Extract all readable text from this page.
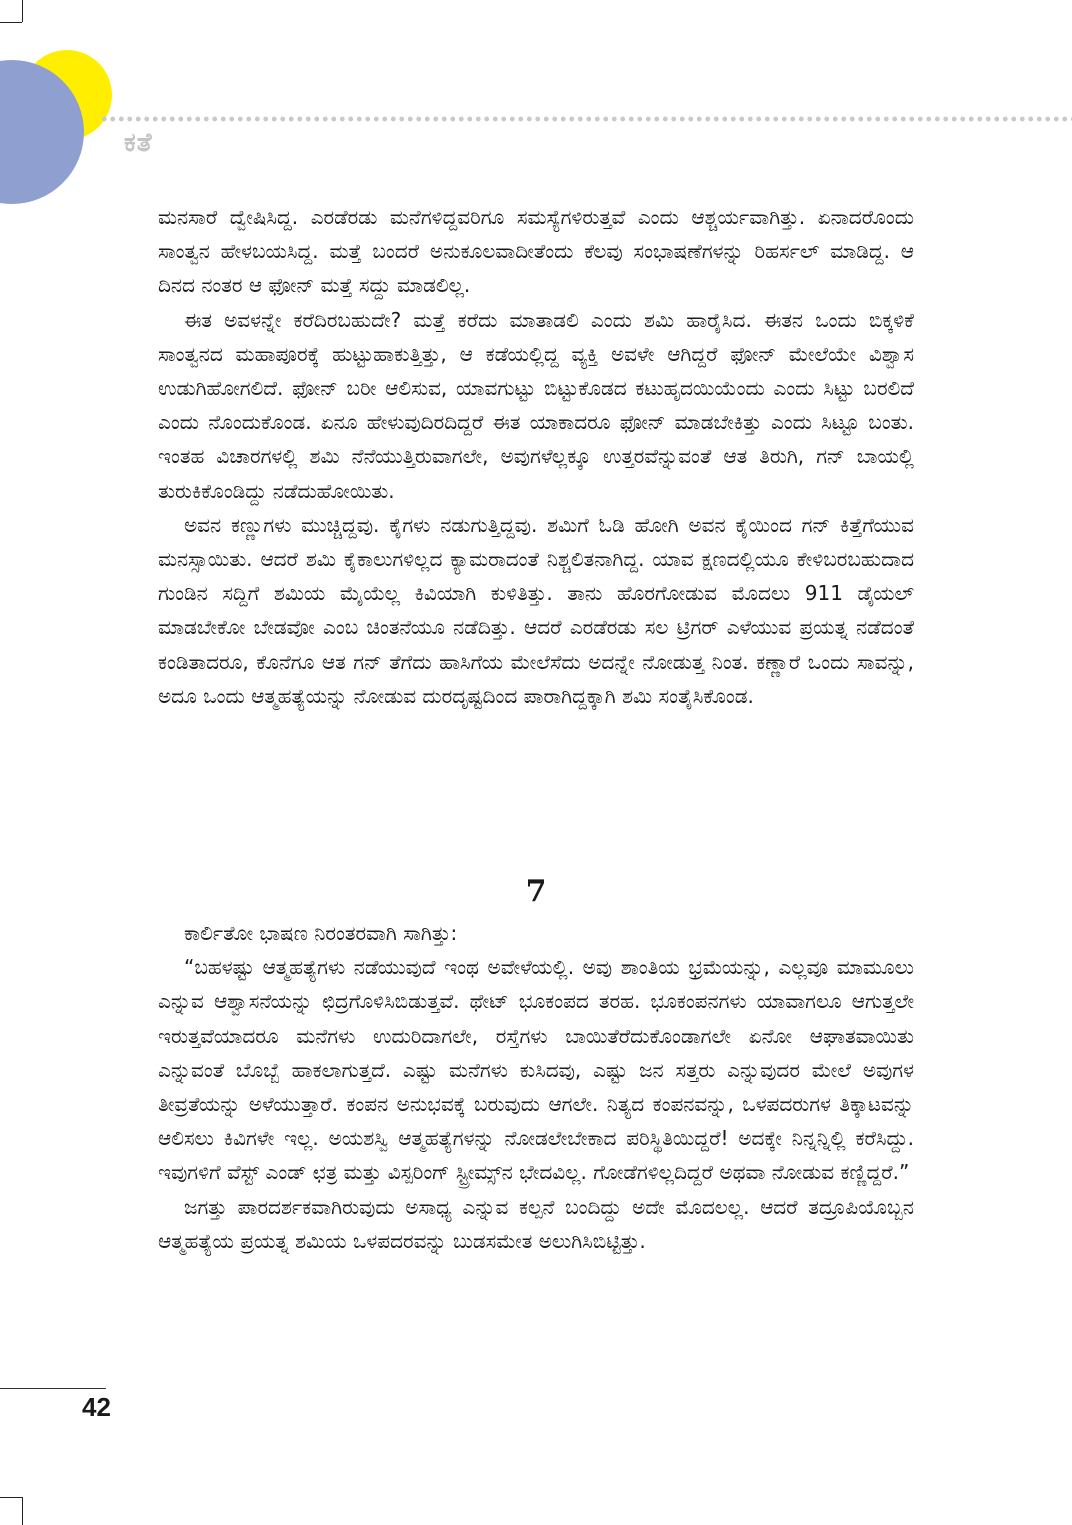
ಕತೆ

ಮನಸಾರೆ ದ್ವೇಷಿಸಿದ್ದ. ಎರಡೆರಡು ಮನೆಗಳಿದ್ದವರಿಗೂ ಸಮಸ್ಯೆಗಳಿರುತ್ತವೆ ಎಂದು ಆಶ್ಚರ್ಯವಾಗಿತ್ತು. ಏನಾದರೊಂದು ಸಾಂತ್ವನ ಹೇಳಬಯಸಿದ್ದ. ಮತ್ತೆ ಬಂದರೆ ಅನುಕೂಲವಾದೀತೆಂದು ಕೆಲವು ಸಂಭಾಷಣೆಗಳನ್ನು ರಿಹರ್ಸಲ್ ಮಾಡಿದ್ದ. ಆ ದಿನದ ನಂತರ ಆ ಫೋನ್ ಮತ್ತೆ ಸದ್ದು ಮಾಡಲಿಲ್ಲ.

ಈತ ಅವಳನ್ನೇ ಕರೆದಿರಬಹುದೇ? ಮತ್ತೆ ಕರೆದು ಮಾತಾಡಲಿ ಎಂದು ಶಮಿ ಹಾರೈಸಿದ. ಈತನ ಒಂದು ಬಿಕ್ಕಳಿಕೆ ಸಾಂತ್ವನದ ಮಹಾಪೂರಕ್ಕೆ ಹುಟ್ಟುಹಾಕುತ್ತಿತ್ತು, ಆ ಕಡೆಯಲ್ಲಿದ್ದ ವ್ಯಕ್ತಿ ಅವಳೇ ಆಗಿದ್ದರೆ ಫೋನ್ ಮೇಲೆಯೇ ವಿಶ್ವಾಸ ಉಡುಗಿಹೋಗಲಿದೆ. ಫೋನ್ ಬರೀ ಆಲಿಸುವ, ಯಾವಗುಟ್ಟು ಬಿಟ್ಟುಕೊಡದ ಕಟುಹೃದಯಿಯೆಂದು ಎಂದು ಸಿಟ್ಟು ಬರಲಿದೆ ಎಂದು ನೊಂದುಕೊಂಡ. ಏನೂ ಹೇಳುವುದಿರದಿದ್ದರೆ ಈತ ಯಾಕಾದರೂ ಫೋನ್ ಮಾಡಬೇಕಿತ್ತು ಎಂದು ಸಿಟ್ಟೂ ಬಂತು. ಇಂತಹ ವಿಚಾರಗಳಲ್ಲಿ ಶಮಿ ನೆನೆಯುತ್ತಿರುವಾಗಲೇ, ಅವುಗಳೆಲ್ಲಕ್ಕೂ ಉತ್ತರವೆನ್ನುವಂತೆ ಆತ ತಿರುಗಿ, ಗನ್ ಬಾಯಲ್ಲಿ ತುರುಕಿಕೊಂಡಿದ್ದು ನಡೆದುಹೋಯಿತು.

ಅವನ ಕಣ್ಣುಗಳು ಮುಚ್ಚಿದ್ದವು. ಕೈಗಳು ನಡುಗುತ್ತಿದ್ದವು. ಶಮಿಗೆ ಓಡಿ ಹೋಗಿ ಅವನ ಕೈಯಿಂದ ಗನ್ ಕಿತ್ತೆಗೆಯುವ ಮನಸ್ಸಾಯಿತು. ಆದರೆ ಶಮಿ ಕೈಕಾಲುಗಳಿಲ್ಲದ ಕ್ಯಾಮರಾದಂತೆ ನಿಶ್ಚಲಿತನಾಗಿದ್ದ. ಯಾವ ಕ್ಷಣದಲ್ಲಿಯೂ ಕೇಳಿಬರಬಹುದಾದ ಗುಂಡಿನ ಸದ್ದಿಗೆ ಶಮಿಯ ಮೈಯೆಲ್ಲ ಕಿವಿಯಾಗಿ ಕುಳಿತಿತ್ತು. ತಾನು ಹೊರಗೋಡುವ ಮೊದಲು 911 ಡೈಯಲ್ ಮಾಡಬೇಕೋ ಬೇಡವೋ ಎಂಬ ಚಿಂತನೆಯೂ ನಡೆದಿತ್ತು. ಆದರೆ ಎರಡೆರಡು ಸಲ ಟ್ರಿಗರ್ ಎಳೆಯುವ ಪ್ರಯತ್ನ ನಡೆದಂತೆ ಕಂಡಿತಾದರೂ, ಕೊನೆಗೂ ಆತ ಗನ್ ತೆಗೆದು ಹಾಸಿಗೆಯ ಮೇಲೆಸೆದು ಅದನ್ನೇ ನೋಡುತ್ತ ನಿಂತ. ಕಣ್ಣಾರೆ ಒಂದು ಸಾವನ್ನು, ಅದೂ ಒಂದು ಆತ್ಮಹತ್ಯೆಯನ್ನು ನೋಡುವ ದುರದೃಷ್ಟದಿಂದ ಪಾರಾಗಿದ್ದಕ್ಕಾಗಿ ಶಮಿ ಸಂತೈಸಿಕೊಂಡ.

7

ಕಾರ್ಲಿತೋ ಭಾಷಣ ನಿರಂತರವಾಗಿ ಸಾಗಿತ್ತು:

“ಬಹಳಷ್ಟು ಆತ್ಮಹತ್ಯೆಗಳು ನಡೆಯುವುದೆ ಇಂಥ ಅವೇಳೆಯಲ್ಲಿ. ಅವು ಶಾಂತಿಯ ಭ್ರಮೆಯನ್ನು, ಎಲ್ಲವೂ ಮಾಮೂಲು ಎನ್ನುವ ಆಶ್ವಾಸನೆಯನ್ನು ಛಿದ್ರಗೊಳಿಸಿಬಿಡುತ್ತವೆ. ಥೇಟ್ ಭೂಕಂಪದ ತರಹ. ಭೂಕಂಪನಗಳು ಯಾವಾಗಲೂ ಆಗುತ್ತಲೇ ಇರುತ್ತವೆಯಾದರೂ ಮನೆಗಳು ಉದುರಿದಾಗಲೇ, ರಸ್ತೆಗಳು ಬಾಯಿತೆರೆದುಕೊಂಡಾಗಲೇ ಏನೋ ಆಘಾತವಾಯಿತು ಎನ್ನುವಂತೆ ಬೊಬ್ಬೆ ಹಾಕಲಾಗುತ್ತದೆ. ಎಷ್ಟು ಮನೆಗಳು ಕುಸಿದವು, ಎಷ್ಟು ಜನ ಸತ್ತರು ಎನ್ನುವುದರ ಮೇಲೆ ಅವುಗಳ ತೀವ್ರತೆಯನ್ನು ಅಳೆಯುತ್ತಾರೆ. ಕಂಪನ ಅನುಭವಕ್ಕೆ ಬರುವುದು ಆಗಲೇ. ನಿತ್ಯದ ಕಂಪನವನ್ನು, ಒಳಪದರುಗಳ ತಿಕ್ಕಾಟವನ್ನು ಆಲಿಸಲು ಕಿವಿಗಳೇ ಇಲ್ಲ. ಅಯಶಸ್ವಿ ಆತ್ಮಹತ್ಯೆಗಳನ್ನು ನೋಡಲೇಬೇಕಾದ ಪರಿಸ್ಥಿತಿಯಿದ್ದರೆ! ಅದಕ್ಕೇ ನಿನ್ನನ್ನಿಲ್ಲಿ ಕರೆಸಿದ್ದು. ಇವುಗಳಿಗೆ ವೆಸ್ಟ್ ಎಂಡ್ ಛತ್ರ ಮತ್ತು ವಿಸ್ಪರಿಂಗ್ ಸ್ಟ್ರೀಮ್ಸ್‌ನ ಭೇದವಿಲ್ಲ. ಗೋಡೆಗಳಿಲ್ಲದಿದ್ದರೆ ಅಥವಾ ನೋಡುವ ಕಣ್ಣಿದ್ದರೆ.”

ಜಗತ್ತು ಪಾರದರ್ಶಕವಾಗಿರುವುದು ಅಸಾಧ್ಯ ಎನ್ನುವ ಕಲ್ಪನೆ ಬಂದಿದ್ದು ಅದೇ ಮೊದಲಲ್ಲ. ಆದರೆ ತದ್ರೂಪಿಯೊಬ್ಬನ ಆತ್ಮಹತ್ಯೆಯ ಪ್ರಯತ್ನ ಶಮಿಯ ಒಳಪದರವನ್ನು ಬುಡಸಮೇತ ಅಲುಗಿಸಿಬಿಟ್ಟಿತ್ತು.

42
